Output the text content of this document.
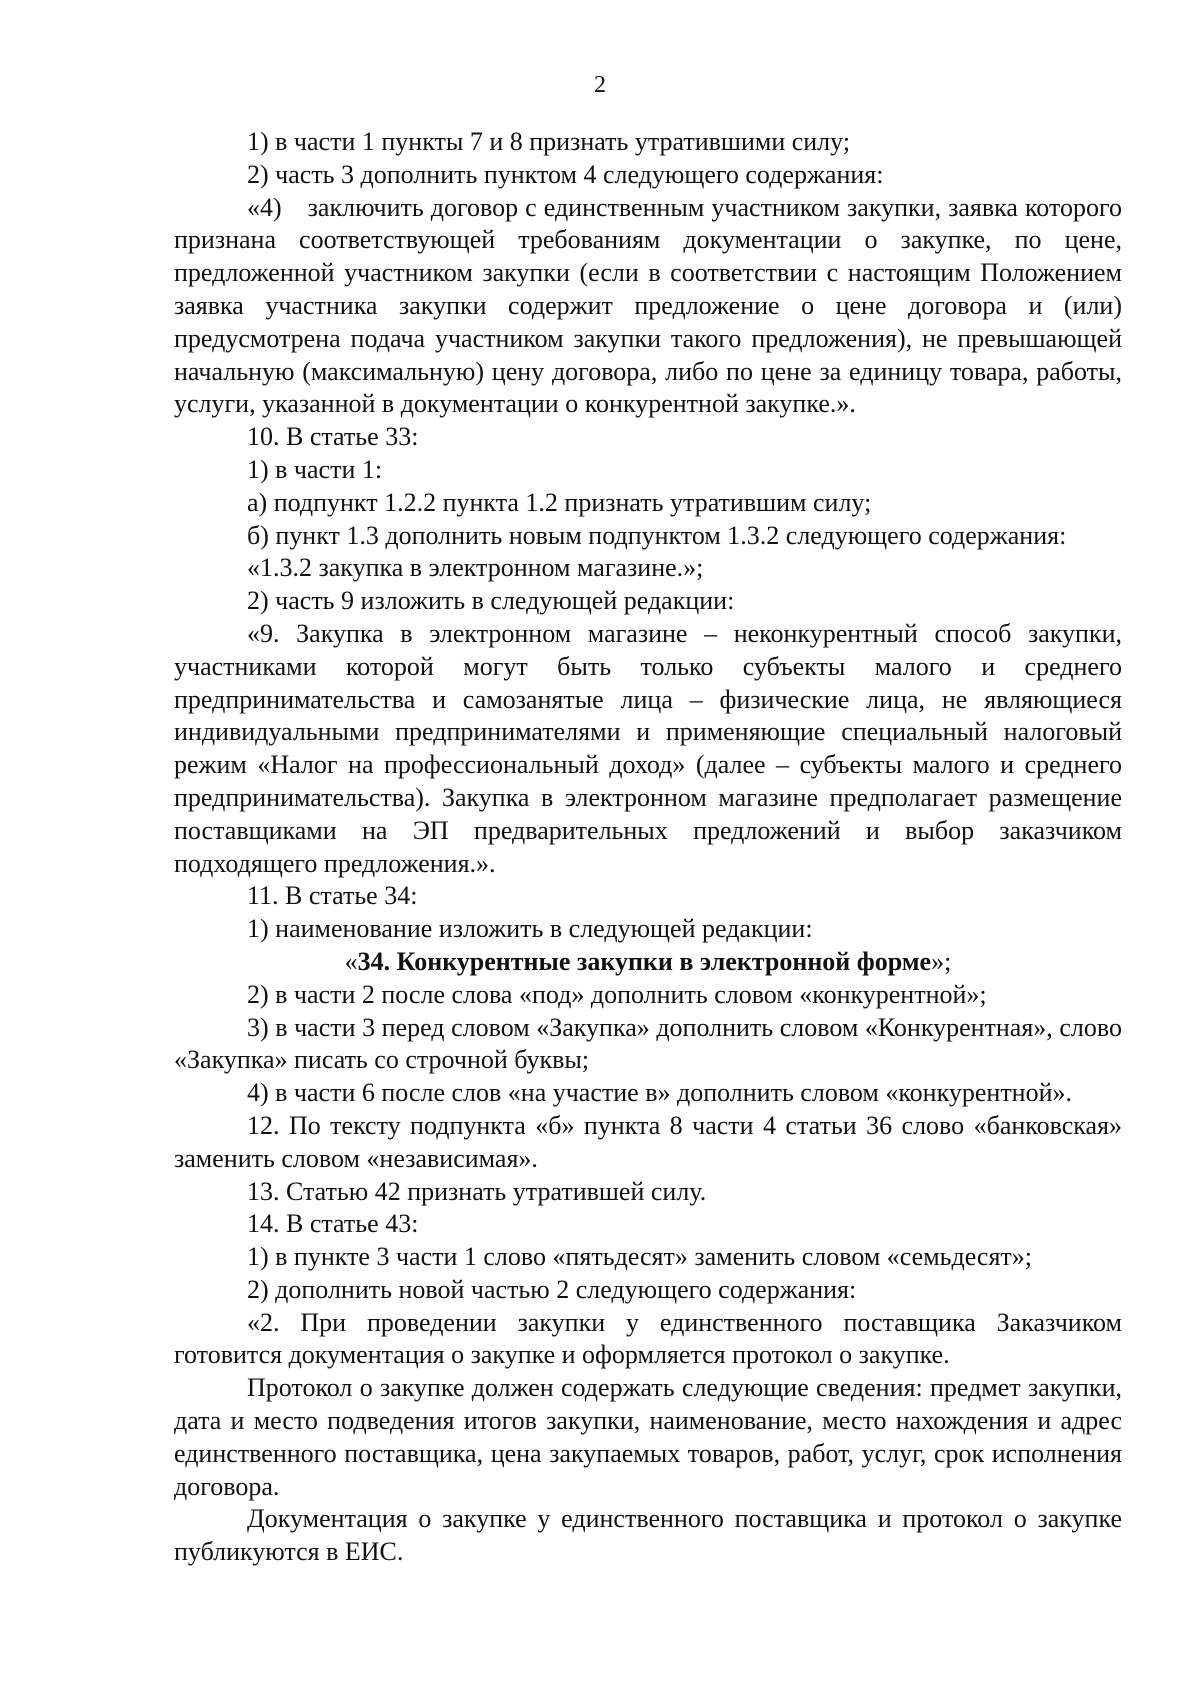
2

1) в части 1 пункты 7 и 8 признать утратившими силу;

2) часть 3 дополнить пунктом 4 следующего содержания:

«4) заключить договор с единственным участником закупки, заявка которого признана соответствующей требованиям документации о закупке, по цене, предложенной участником закупки (если в соответствии с настоящим Положением заявка участника закупки содержит предложение о цене договора и (или) предусмотрена подача участником закупки такого предложения), не превышающей начальную (максимальную) цену договора, либо по цене за единицу товара, работы, услуги, указанной в документации о конкурентной закупке.».

10. В статье 33:

1) в части 1:

а) подпункт 1.2.2 пункта 1.2 признать утратившим силу;

б) пункт 1.3 дополнить новым подпунктом 1.3.2 следующего содержания:

«1.3.2 закупка в электронном магазине.»;

2) часть 9 изложить в следующей редакции:

«9. Закупка в электронном магазине – неконкурентный способ закупки, участниками которой могут быть только субъекты малого и среднего предпринимательства и самозанятые лица – физические лица, не являющиеся индивидуальными предпринимателями и применяющие специальный налоговый режим «Налог на профессиональный доход» (далее – субъекты малого и среднего предпринимательства). Закупка в электронном магазине предполагает размещение поставщиками на ЭП предварительных предложений и выбор заказчиком подходящего предложения.».

11. В статье 34:

1) наименование изложить в следующей редакции:

«34. Конкурентные закупки в электронной форме»;

2) в части 2 после слова «под» дополнить словом «конкурентной»;

3) в части 3 перед словом «Закупка» дополнить словом «Конкурентная», слово «Закупка» писать со строчной буквы;

4) в части 6 после слов «на участие в» дополнить словом «конкурентной».

12. По тексту подпункта «б» пункта 8 части 4 статьи 36 слово «банковская» заменить словом «независимая».

13. Статью 42 признать утратившей силу.

14. В статье 43:

1) в пункте 3 части 1 слово «пятьдесят» заменить словом «семьдесят»;

2) дополнить новой частью 2 следующего содержания:

«2. При проведении закупки у единственного поставщика Заказчиком готовится документация о закупке и оформляется протокол о закупке.

Протокол о закупке должен содержать следующие сведения: предмет закупки, дата и место подведения итогов закупки, наименование, место нахождения и адрес единственного поставщика, цена закупаемых товаров, работ, услуг, срок исполнения договора.

Документация о закупке у единственного поставщика и протокол о закупке публикуются в ЕИС.
